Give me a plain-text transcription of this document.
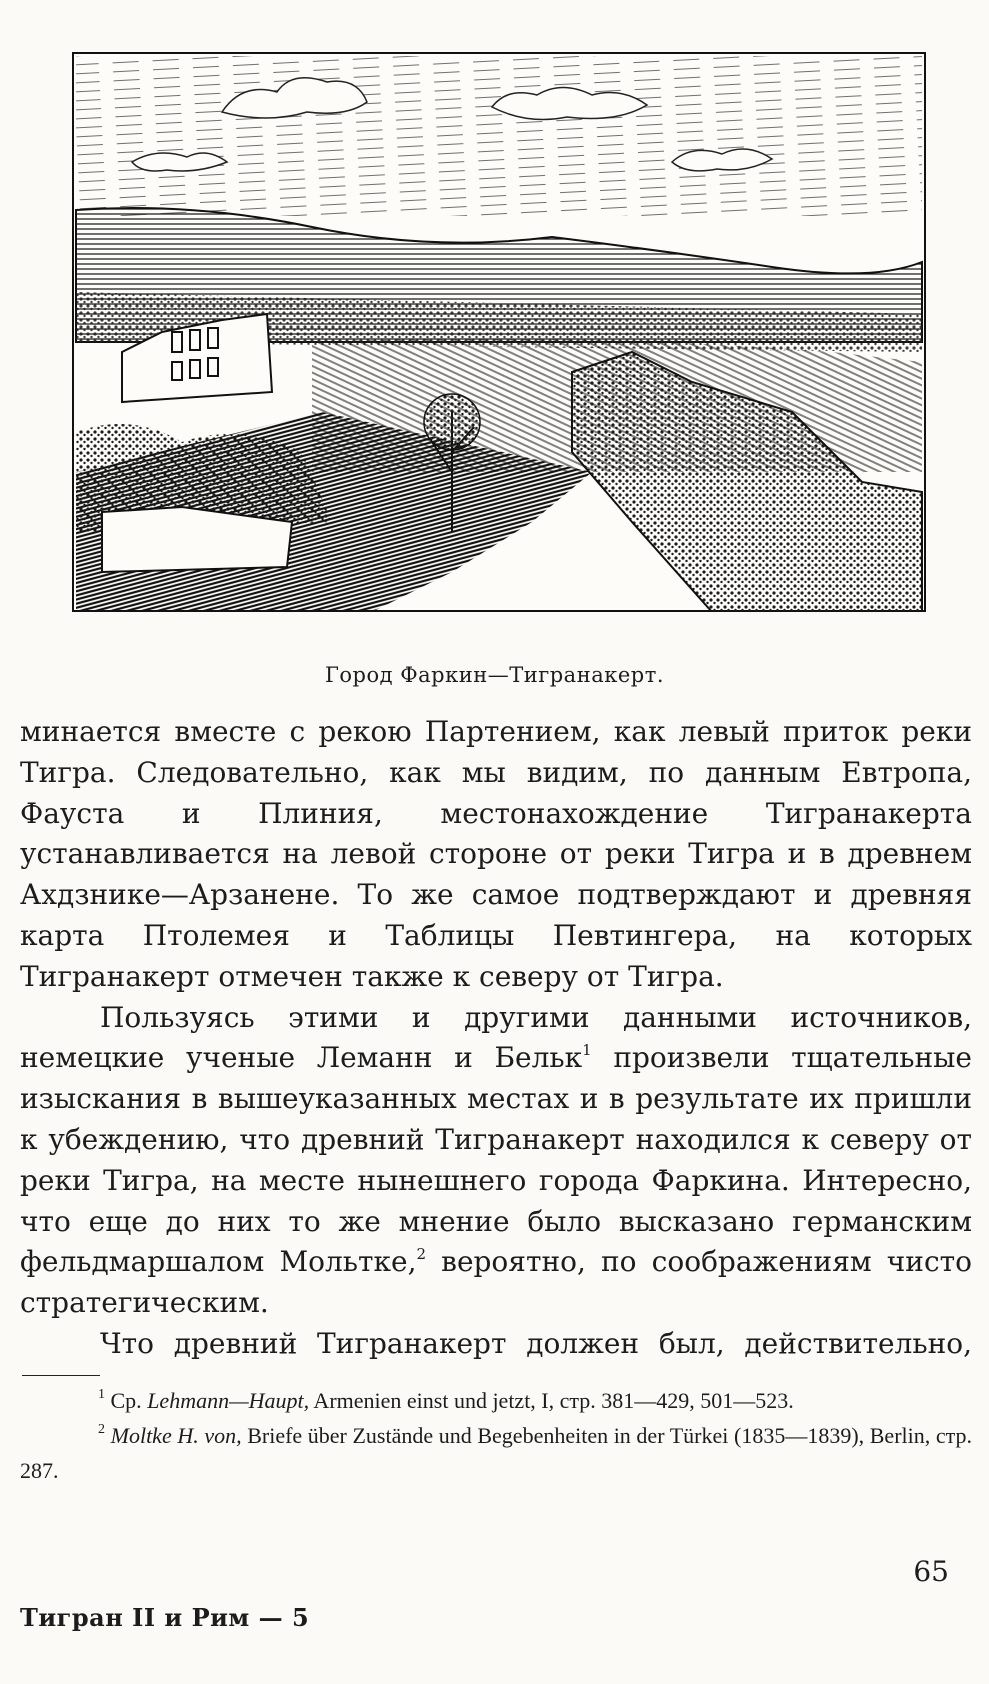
Город Фаркин—Тигранакерт.

минается вместе с рекою Партением, как левый приток реки Тигра. Следовательно, как мы видим, по данным Евтропа, Фауста и Плиния, местонахождение Тигранакерта устанавливается на левой стороне от реки Тигра и в древнем Ахдзнике—Арзанене. То же самое подтверждают и древняя карта Птолемея и Таблицы Певтингера, на которых Тигранакерт отмечен также к северу от Тигра.

Пользуясь этими и другими данными источников, немецкие ученые Леманн и Бельк$^1$ произвели тщательные изыскания в вышеуказанных местах и в результате их пришли к убеждению, что древний Тигранакерт находился к северу от реки Тигра, на месте нынешнего города Фаркина. Интересно, что еще до них то же мнение было высказано германским фельдмаршалом Мольтке,$^2$ вероятно, по соображениям чисто стратегическим.

Что древний Тигранакерт должен был, действительно,

$^1$ Ср. Lehmann—Haupt, Armenien einst und jetzt, I, стр. 381—429, 501—523.

$^2$ Moltke H. von, Briefe über Zustände und Begebenheiten in der Türkei (1835—1839), Berlin, стр. 287.

65
Тигран II и Рим — 5
